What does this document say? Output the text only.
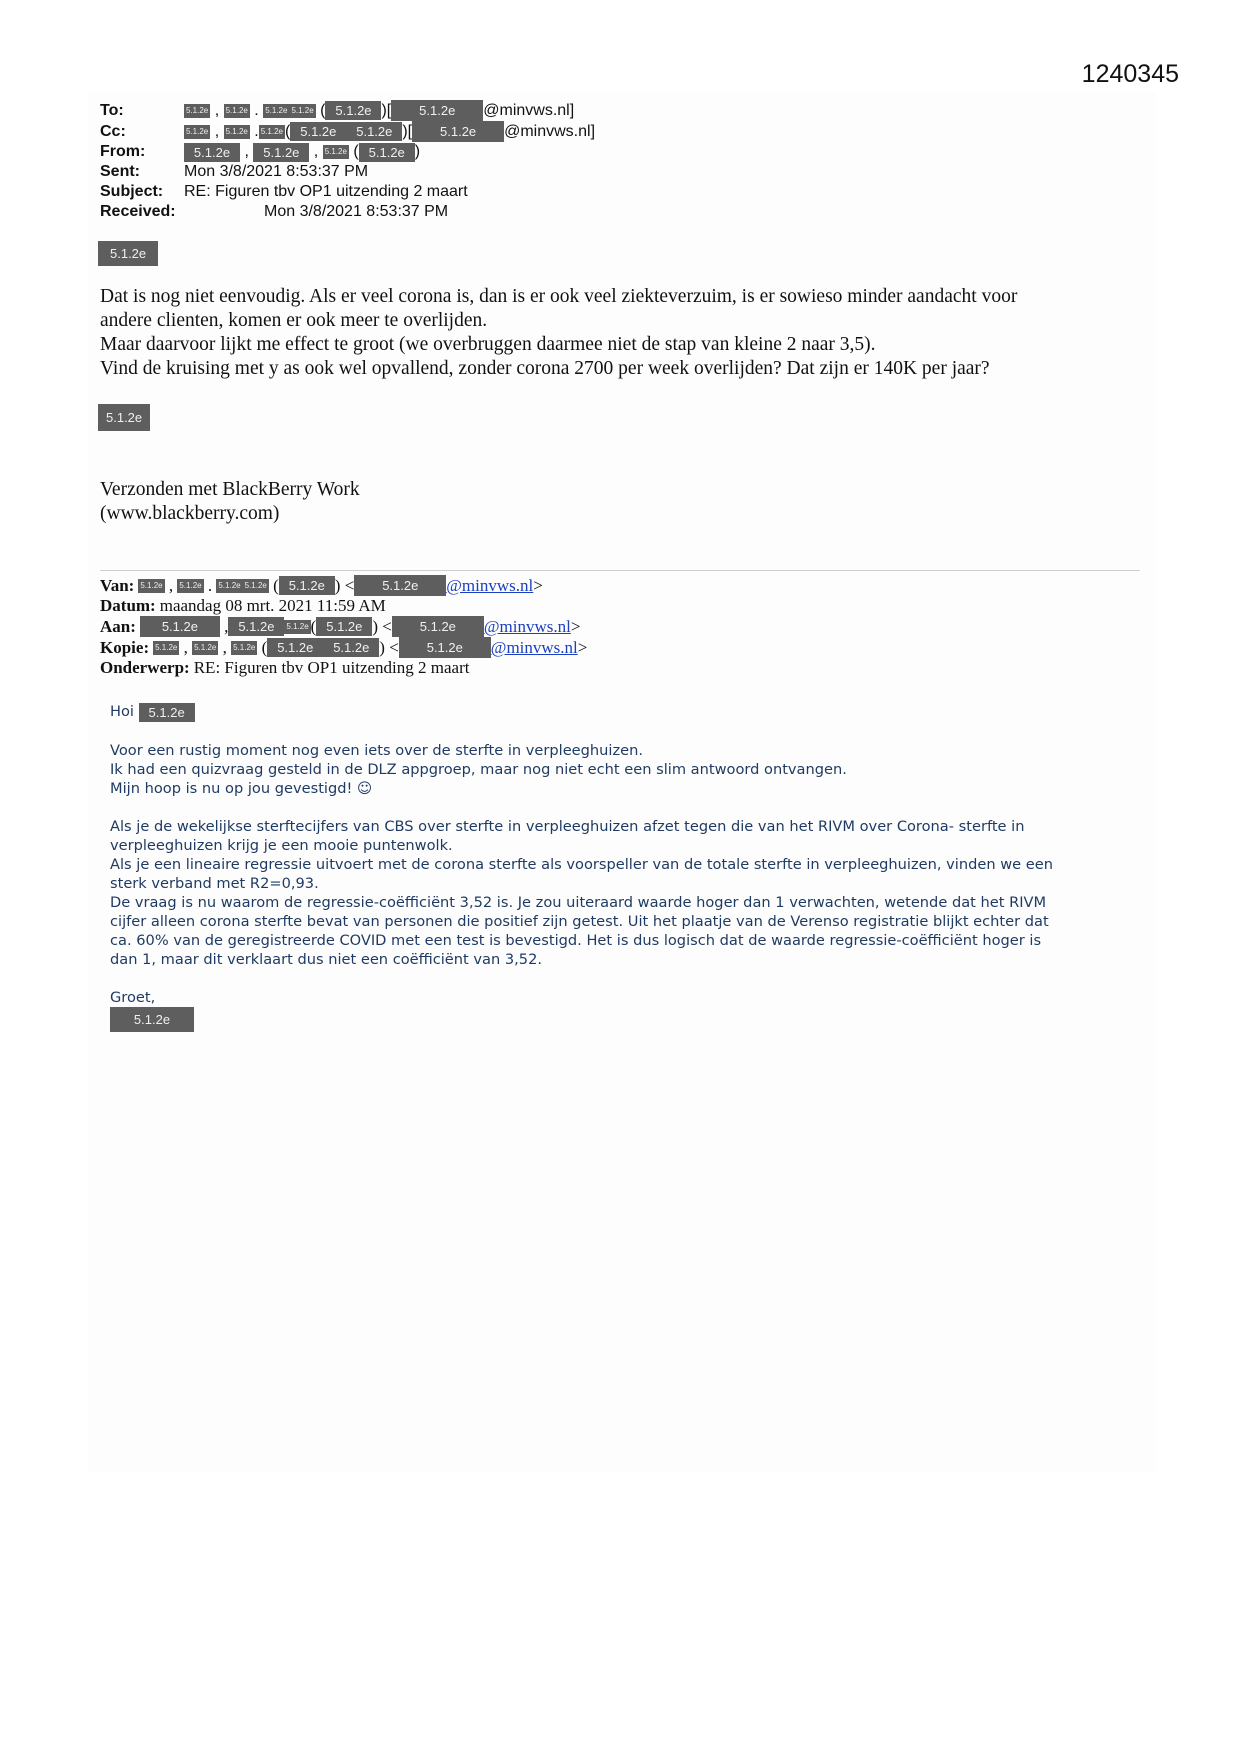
1240345
To:	5.1.2e , 5.1.2e . 5.1.2e 5.1.2e ( 5.1.2e )[	5.1.2e	@minvws.nl]
Cc:	5.1.2e , 5.1.2e . 5.1.2e ( 5.1.2e	5.1.2e )[	5.1.2e	@minvws.nl]
From:	5.1.2e , 5.1.2e , 5.1.2e ( 5.1.2e )
Sent:	Mon 3/8/2021 8:53:37 PM
Subject:	RE: Figuren tbv OP1 uitzending 2 maart
Received:	Mon 3/8/2021 8:53:37 PM
5.1.2e

Dat is nog niet eenvoudig. Als er veel corona is, dan is er ook veel ziekteverzuim, is er sowieso minder aandacht voor

andere clienten, komen er ook meer te overlijden.

Maar daarvoor lijkt me effect te groot (we overbruggen daarmee niet de stap van kleine 2 naar 3,5).

Vind de kruising met y as ook wel opvallend, zonder corona 2700 per week overlijden? Dat zijn er 140K per jaar?

5.1.2e
Verzonden met BlackBerry Work
(www.blackberry.com)
Van: 5.1.2e , 5.1.2e . 5.1.2e 5.1.2e ( 5.1.2e ) <	5.1.2e	@minvws.nl >
Datum: maandag 08 mrt. 2021 11:59 AM
Aan:	5.1.2e	, 5.1.2e	5.1.2e ( 5.1.2e ) <	5.1.2e	@minvws.nl >
Kopie: 5.1.2e , 5.1.2e , 5.1.2e ( 5.1.2e	5.1.2e ) <	5.1.2e	@minvws.nl >
Onderwerp: RE: Figuren tbv OP1 uitzending 2 maart

Hoi 5.1.2e

Voor een rustig moment nog even iets over de sterfte in verpleeghuizen.

Ik had een quizvraag gesteld in de DLZ appgroep, maar nog niet echt een slim antwoord ontvangen.

Mijn hoop is nu op jou gevestigd! ☺

Als je de wekelijkse sterftecijfers van CBS over sterfte in verpleeghuizen afzet tegen die van het RIVM over Corona- sterfte in

verpleeghuizen krijg je een mooie puntenwolk.

Als je een lineaire regressie uitvoert met de corona sterfte als voorspeller van de totale sterfte in verpleeghuizen, vinden we een

sterk verband met R2=0,93.

De vraag is nu waarom de regressie-coëfficiënt 3,52 is. Je zou uiteraard waarde hoger dan 1 verwachten, wetende dat het RIVM

cijfer alleen corona sterfte bevat van personen die positief zijn getest. Uit het plaatje van de Verenso registratie blijkt echter dat

ca. 60% van de geregistreerde COVID met een test is bevestigd. Het is dus logisch dat de waarde regressie-coëfficiënt hoger is

dan 1, maar dit verklaart dus niet een coëfficiënt van 3,52.

Groet,

5.1.2e
